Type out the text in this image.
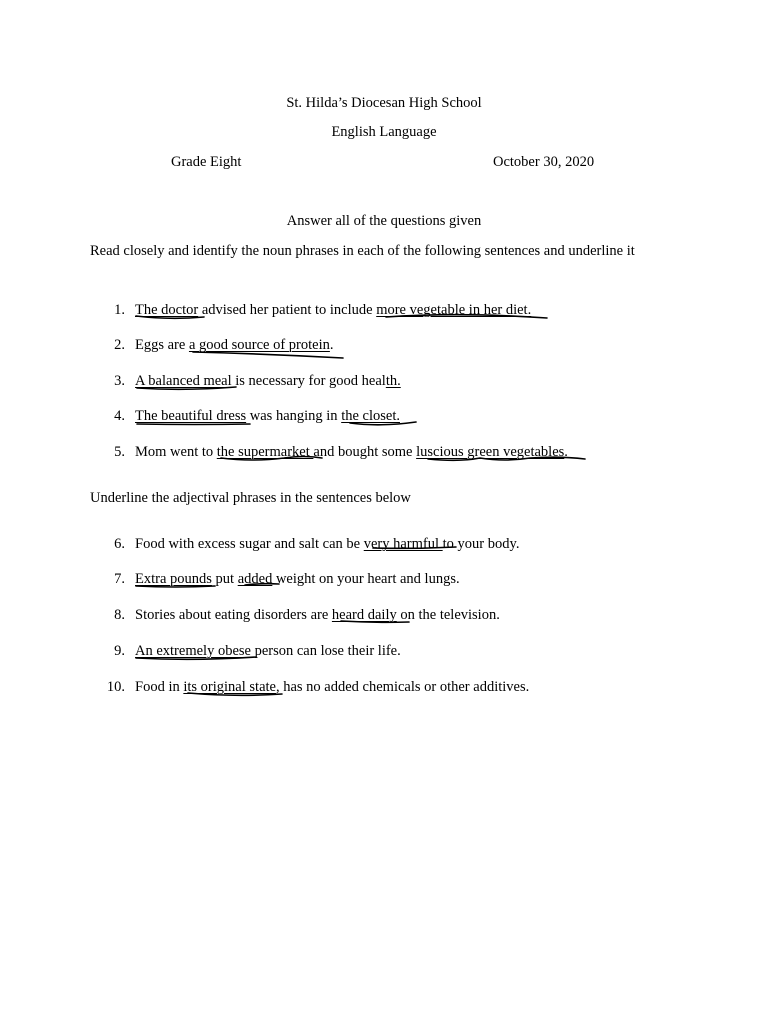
St. Hilda’s Diocesan High School
English Language
Grade Eight	October 30, 2020
Answer all of the questions given
Read closely and identify the noun phrases in each of the following sentences and underline it
1. The doctor advised her patient to include more vegetable in her diet.
2. Eggs are a good source of protein.
3. A balanced meal is necessary for good health.
4. The beautiful dress was hanging in the closet.
5. Mom went to the supermarket and bought some luscious green vegetables.
Underline the adjectival phrases in the sentences below
6. Food with excess sugar and salt can be very harmful to your body.
7. Extra pounds put added weight on your heart and lungs.
8. Stories about eating disorders are heard daily on the television.
9. An extremely obese person can lose their life.
10. Food in its original state, has no added chemicals or other additives.
